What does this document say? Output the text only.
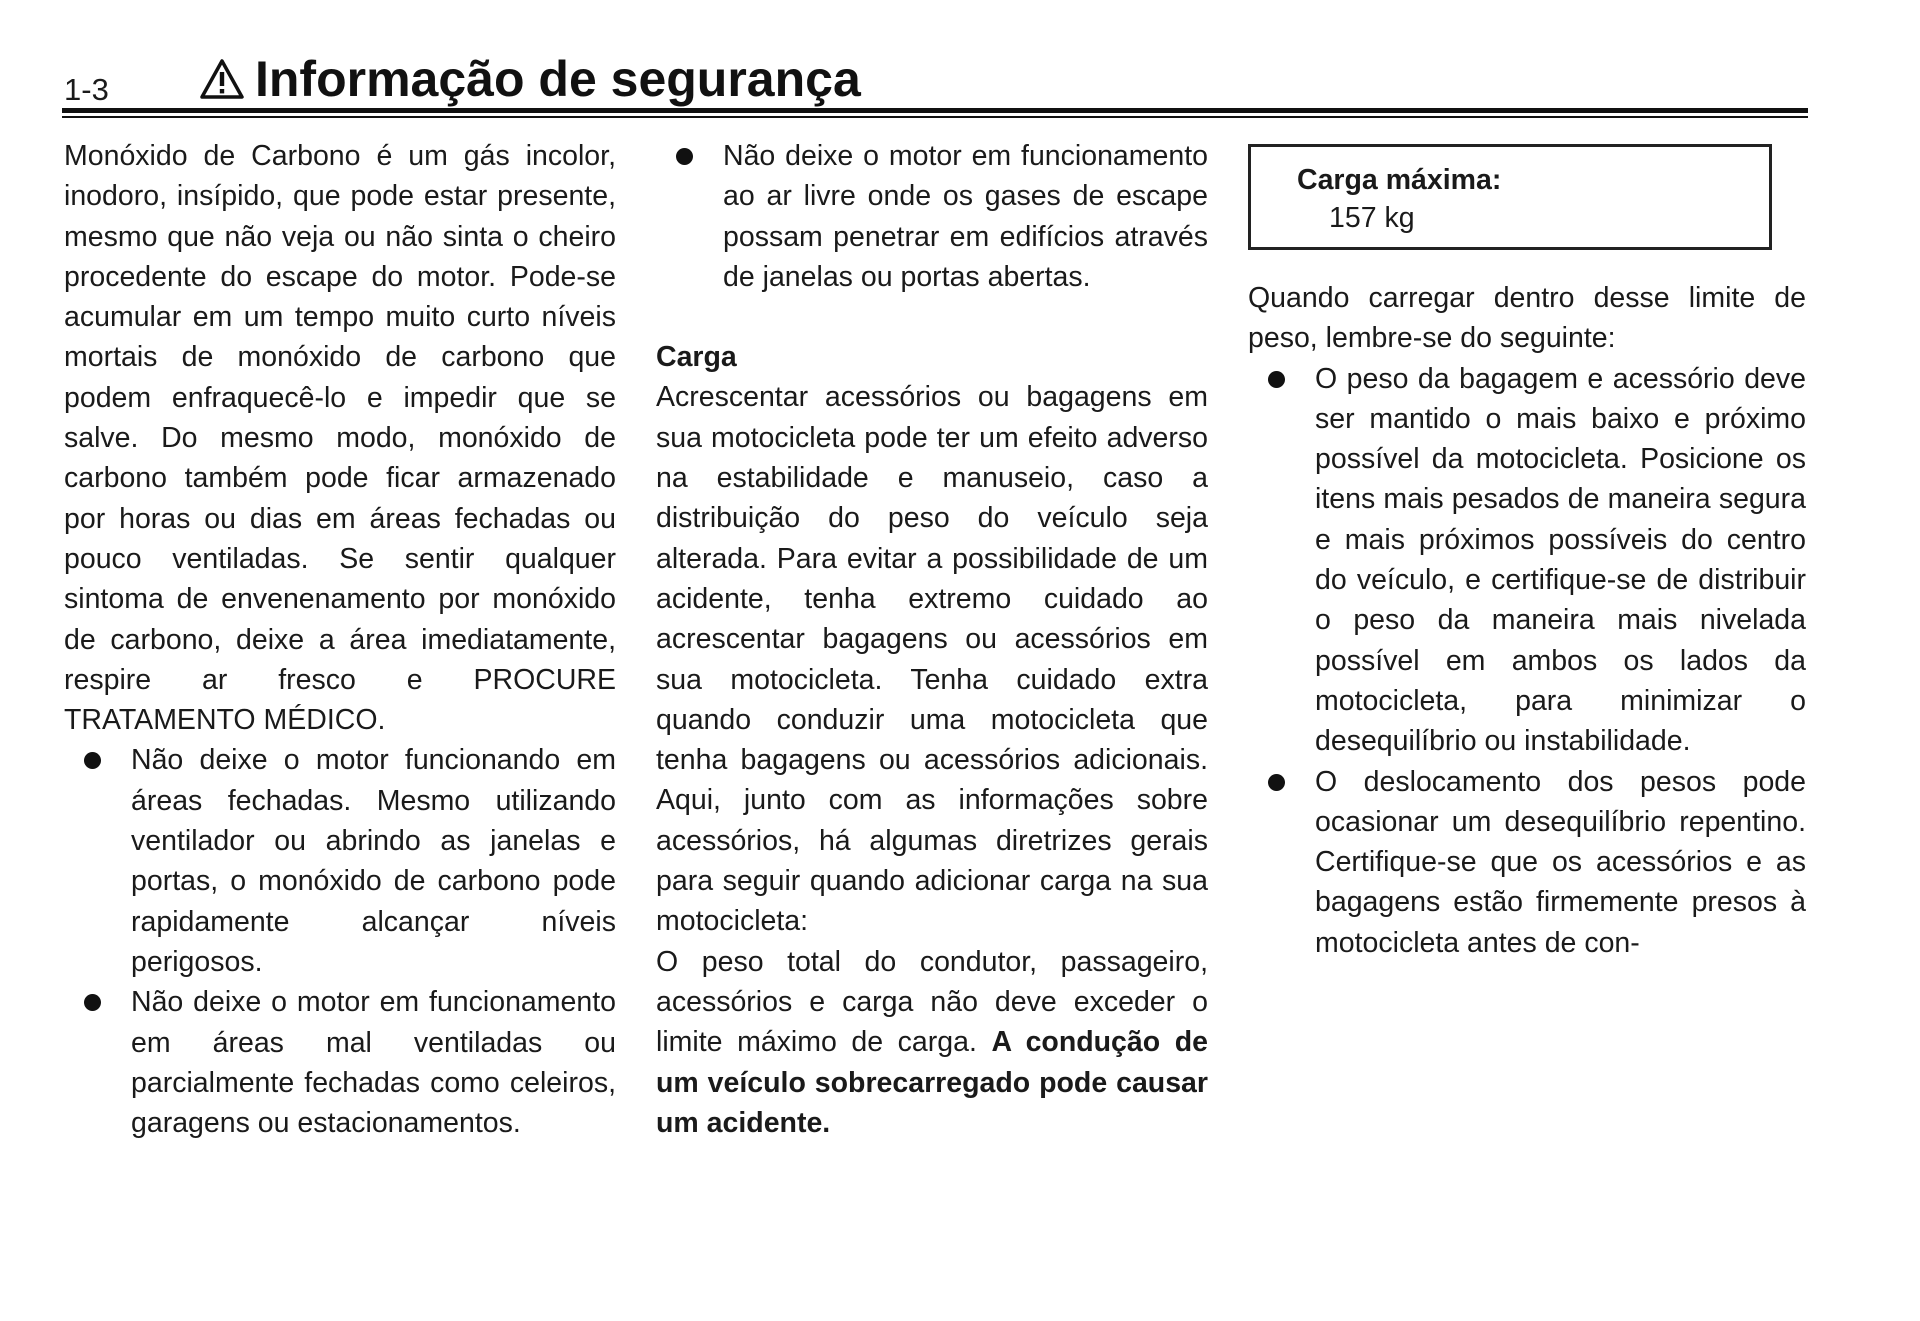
1-3	Informação de segurança

Monóxido de Carbono é um gás incolor, inodoro, insípido, que pode estar presente, mesmo que não veja ou não sinta o cheiro procedente do escape do motor. Pode-se acumular em um tempo muito curto níveis mortais de monóxido de carbono que podem enfraquecê-lo e impedir que se salve. Do mesmo modo, monóxido de carbono também pode ficar armazenado por horas ou dias em áreas fechadas ou pouco ventiladas. Se sentir qualquer sintoma de envenenamento por monóxido de carbono, deixe a área imediatamente, respire ar fresco e PROCURE TRATAMENTO MÉDICO.

Não deixe o motor funcionando em áreas fechadas. Mesmo utilizando ventilador ou abrindo as janelas e portas, o monóxido de carbono pode rapidamente alcançar níveis perigosos.
Não deixe o motor em funcionamento em áreas mal ventiladas ou parcialmente fechadas como celeiros, garagens ou estacionamentos.
Não deixe o motor em funcionamento ao ar livre onde os gases de escape possam penetrar em edifícios através de janelas ou portas abertas.

Carga

Acrescentar acessórios ou bagagens em sua motocicleta pode ter um efeito adverso na estabilidade e manuseio, caso a distribuição do peso do veículo seja alterada. Para evitar a possibilidade de um acidente, tenha extremo cuidado ao acrescentar bagagens ou acessórios em sua motocicleta. Tenha cuidado extra quando conduzir uma motocicleta que tenha bagagens ou acessórios adicionais. Aqui, junto com as informações sobre acessórios, há algumas diretrizes gerais para seguir quando adicionar carga na sua motocicleta:

O peso total do condutor, passageiro, acessórios e carga não deve exceder o limite máximo de carga. A condução de um veículo sobrecarregado pode causar um acidente.

Carga máxima:
157 kg

Quando carregar dentro desse limite de peso, lembre-se do seguinte:

O peso da bagagem e acessório deve ser mantido o mais baixo e próximo possível da motocicleta. Posicione os itens mais pesados de maneira segura e mais próximos possíveis do centro do veículo, e certifique-se de distribuir o peso da maneira mais nivelada possível em ambos os lados da motocicleta, para minimizar o desequilíbrio ou instabilidade.
O deslocamento dos pesos pode ocasionar um desequilíbrio repentino. Certifique-se que os acessórios e as bagagens estão firmemente presos à motocicleta antes de con-
